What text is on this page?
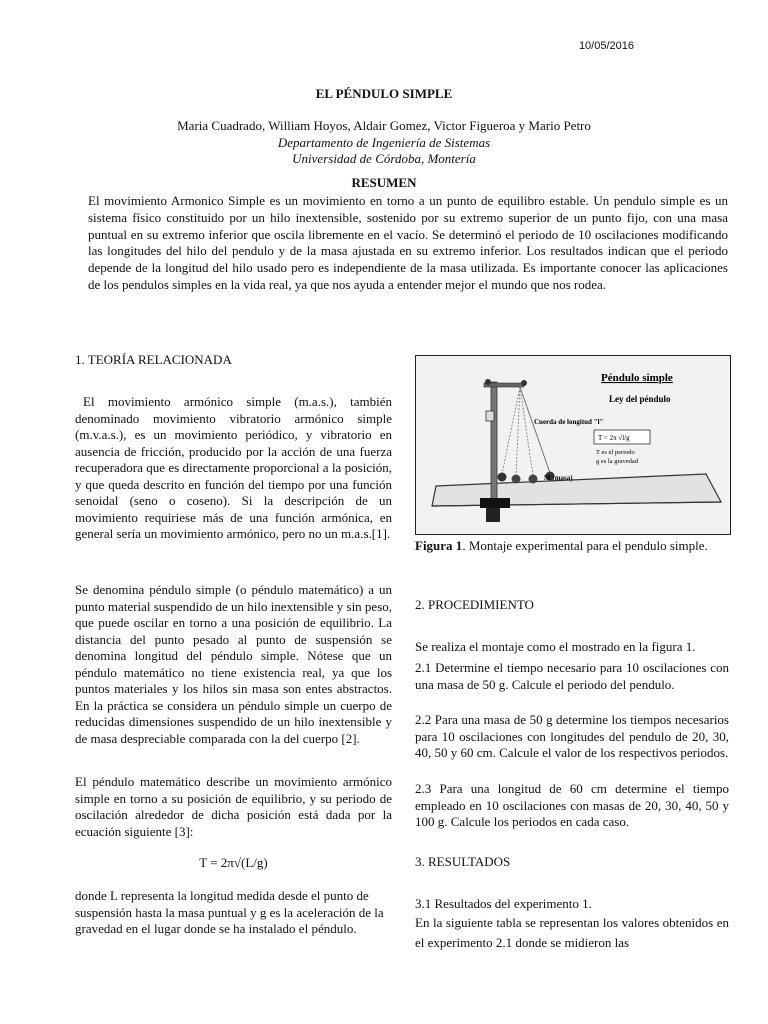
10/05/2016
EL PÉNDULO SIMPLE
Maria Cuadrado, William Hoyos, Aldair Gomez, Victor Figueroa y Mario Petro
Departamento de Ingeniería de Sistemas
Universidad de Córdoba, Montería
RESUMEN
El movimiento Armonico Simple es un movimiento en torno a un punto de equilibro estable. Un pendulo simple es un sistema físico constituido por un hilo inextensible, sostenido por su extremo superior de un punto fijo, con una masa puntual en su extremo inferior que oscila libremente en el vacío. Se determinó el periodo de 10 oscilaciones modificando las longitudes del hilo del pendulo y de la masa ajustada en su extremo inferior. Los resultados indican que el periodo depende de la longitud del hilo usado pero es independiente de la masa utilizada. Es importante conocer las aplicaciones de los pendulos simples en la vida real, ya que nos ayuda a entender mejor el mundo que nos rodea.
1. TEORÍA RELACIONADA
El movimiento armónico simple (m.a.s.), también denominado movimiento vibratorio armónico simple (m.v.a.s.), es un movimiento periódico, y vibratorio en ausencia de fricción, producido por la acción de una fuerza recuperadora que es directamente proporcional a la posición, y que queda descrito en función del tiempo por una función senoidal (seno o coseno). Si la descripción de un movimiento requiriese más de una función armónica, en general sería un movimiento armónico, pero no un m.a.s.[1].
Se denomina péndulo simple (o péndulo matemático) a un punto material suspendido de un hilo inextensible y sin peso, que puede oscilar en torno a una posición de equilibrio. La distancia del punto pesado al punto de suspensión se denomina longitud del péndulo simple. Nótese que un péndulo matemático no tiene existencia real, ya que los puntos materiales y los hilos sin masa son entes abstractos. En la práctica se considera un péndulo simple un cuerpo de reducidas dimensiones suspendido de un hilo inextensible y de masa despreciable comparada con la del cuerpo [2].
El péndulo matemático describe un movimiento armónico simple en torno a su posición de equilibrio, y su periodo de oscilación alrededor de dicha posición está dada por la ecuación siguiente [3]:
T = 2π√(L/g)
donde L representa la longitud medida desde el punto de suspensión hasta la masa puntual y g es la aceleración de la gravedad en el lugar donde se ha instalado el péndulo.
Péndulo simple
Ley del péndulo
Cuerda de longitud "l"
T = 2π √l/g
T es el periodo
g es la gravedad
M (masa)
Figura 1. Montaje experimental para el pendulo simple.
2. PROCEDIMIENTO
Se realiza el montaje como el mostrado en la figura 1.
2.1 Determine el tiempo necesario para 10 oscilaciones con una masa de 50 g. Calcule el periodo del pendulo.
2.2 Para una masa de 50 g determine los tiempos necesarios para 10 oscilaciones con longitudes del pendulo de 20, 30, 40, 50 y 60 cm. Calcule el valor de los respectivos periodos.
2.3 Para una longitud de 60 cm determine el tiempo empleado en 10 oscilaciones con masas de 20, 30, 40, 50 y 100 g. Calcule los periodos en cada caso.
3. RESULTADOS
3.1 Resultados del experimento 1.
En la siguiente tabla se representan los valores obtenidos en el experimento 2.1 donde se midieron las
